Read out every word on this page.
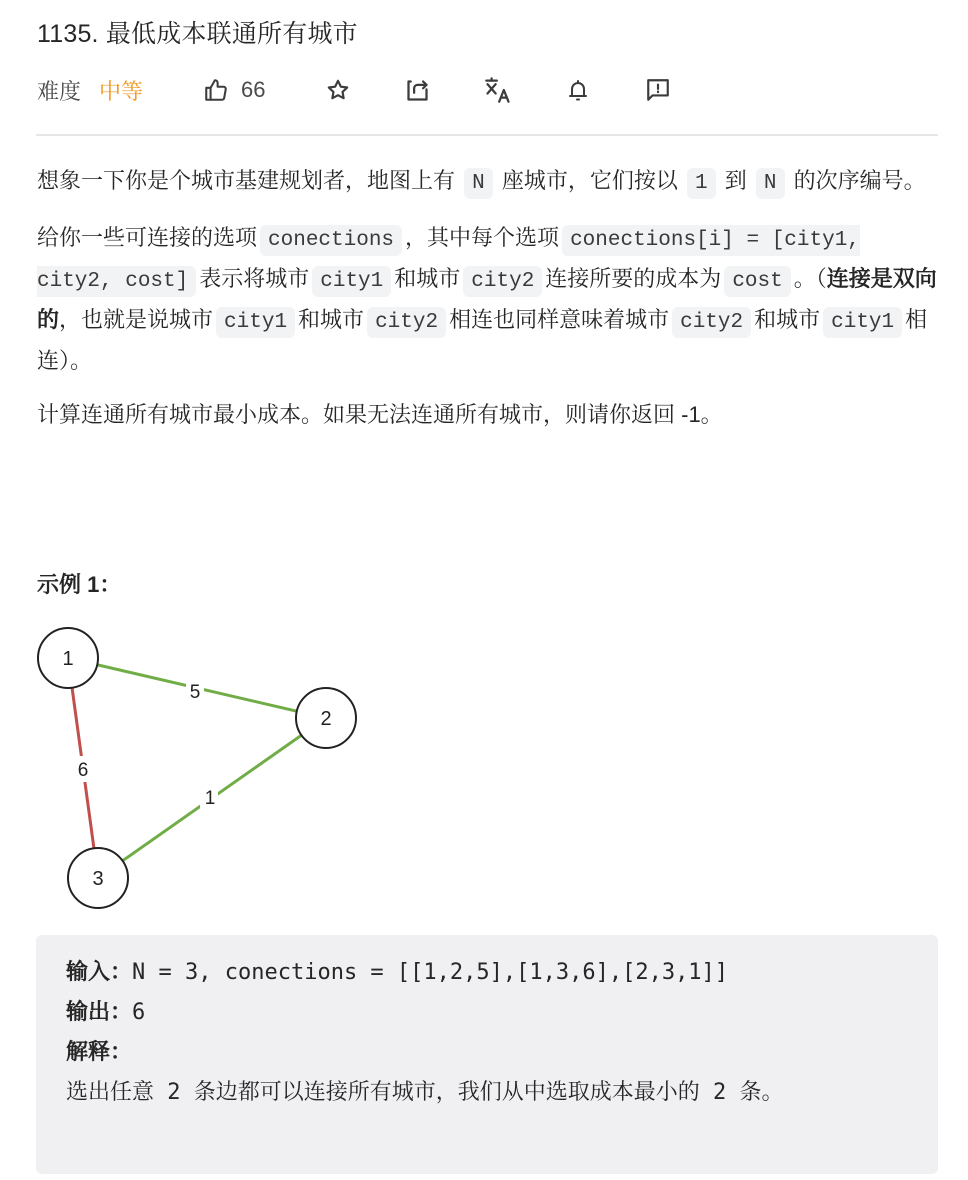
1135. 最低成本联通所有城市
难度 中等	66

想象一下你是个城市基建规划者，地图上有 N 座城市，它们按以 1 到 N 的次序编号。

给你一些可连接的选项 conections ，其中每个选项 conections[i] = [city1, city2, cost] 表示将城市 city1 和城市 city2 连接所要的成本为 cost 。（连接是双向的，也就是说城市 city1 和城市 city2 相连也同样意味着城市 city2 和城市 city1 相连）。

计算连通所有城市最小成本。如果无法连通所有城市，则请你返回 -1。

示例 1：
5
6
1
1
2
3
输入：N = 3, conections = [[1,2,5],[1,3,6],[2,3,1]]
输出：6
解释：
选出任意 2 条边都可以连接所有城市，我们从中选取成本最小的 2 条。
